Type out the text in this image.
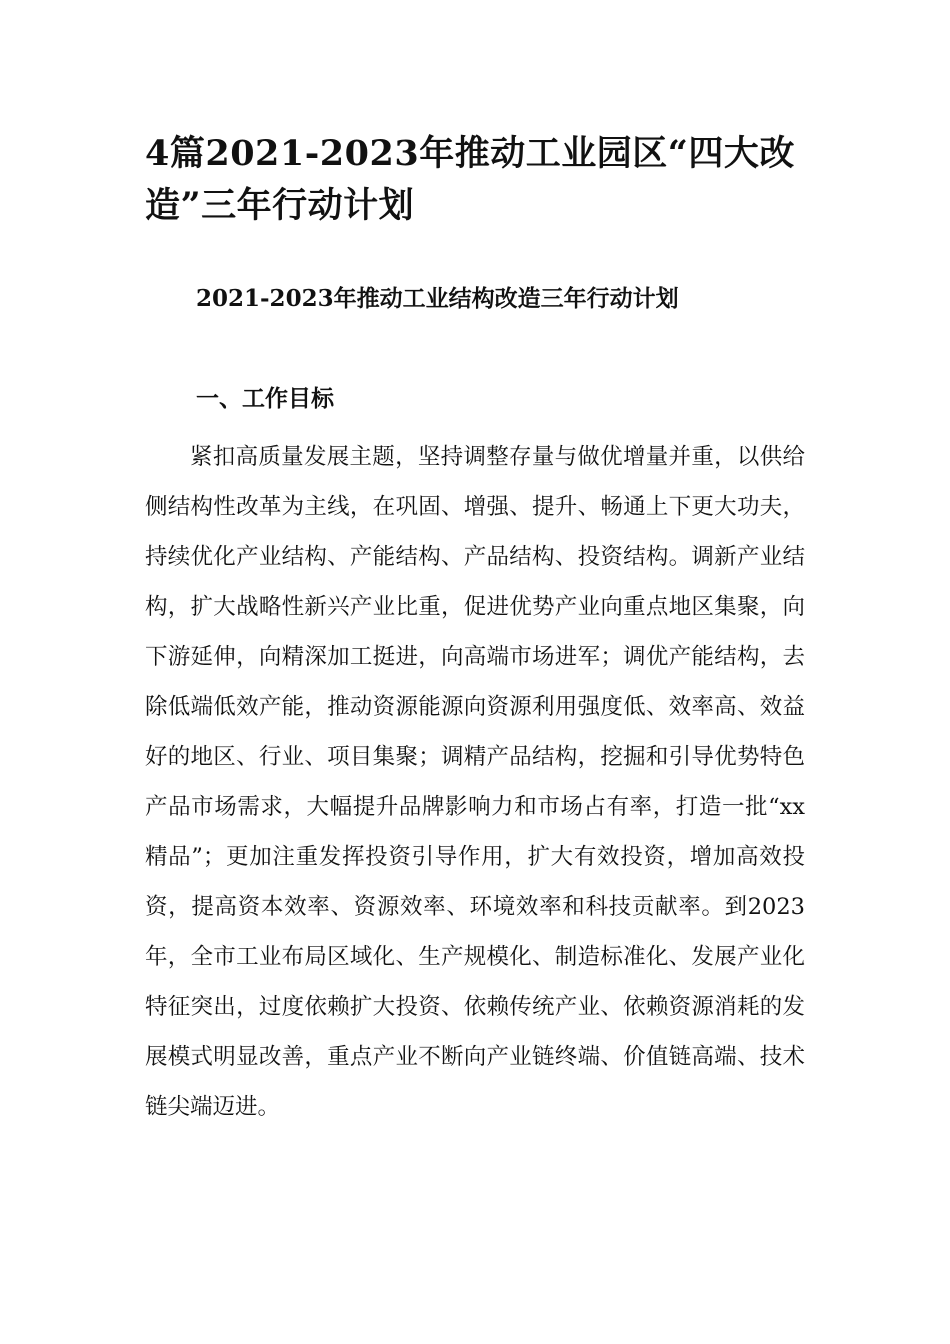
4篇2021-2023年推动工业园区“四大改造”三年行动计划
2021-2023年推动工业结构改造三年行动计划
一、工作目标

紧扣高质量发展主题，坚持调整存量与做优增量并重，以供给侧结构性改革为主线，在巩固、增强、提升、畅通上下更大功夫，持续优化产业结构、产能结构、产品结构、投资结构。调新产业结构，扩大战略性新兴产业比重，促进优势产业向重点地区集聚，向下游延伸，向精深加工挺进，向高端市场进军；调优产能结构，去除低端低效产能，推动资源能源向资源利用强度低、效率高、效益好的地区、行业、项目集聚；调精产品结构，挖掘和引导优势特色产品市场需求，大幅提升品牌影响力和市场占有率，打造一批“xx精品”；更加注重发挥投资引导作用，扩大有效投资，增加高效投资，提高资本效率、资源效率、环境效率和科技贡献率。到2023年，全市工业布局区域化、生产规模化、制造标准化、发展产业化特征突出，过度依赖扩大投资、依赖传统产业、依赖资源消耗的发展模式明显改善，重点产业不断向产业链终端、价值链高端、技术链尖端迈进。
